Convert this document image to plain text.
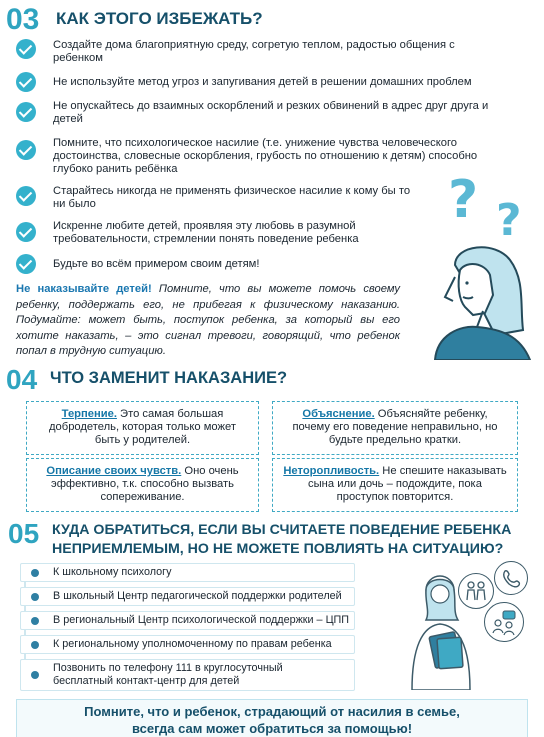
03 КАК ЭТОГО ИЗБЕЖАТЬ?
Создайте дома благоприятную среду, согретую теплом, радостью общения с ребенком
Не используйте метод угроз и запугивания детей в решении домашних проблем
Не опускайтесь до взаимных оскорблений и резких обвинений в адрес друг друга и детей
Помните, что психологическое насилие (т.е. унижение чувства человеческого достоинства, словесные оскорбления, грубость по отношению к детям) способно глубоко ранить ребёнка
Старайтесь никогда не применять физическое насилие к кому бы то ни было
Искренне любите детей, проявляя эту любовь в разумной требовательности, стремлении понять поведение ребенка
Будьте во всём примером своим детям!
Не наказывайте детей! Помните, что вы можете помочь своему ребенку, поддержать его, не прибегая к физическому наказанию. Подумайте: может быть, поступок ребенка, за который вы его хотите наказать, – это сигнал тревоги, говорящий, что ребенок попал в трудную ситуацию.
? ?
04 ЧТО ЗАМЕНИТ НАКАЗАНИЕ?
Терпение. Это самая большая добродетель, которая только может быть у родителей.
Объяснение. Объясняйте ребенку, почему его поведение неправильно, но будьте предельно кратки.
Описание своих чувств. Оно очень эффективно, т.к. способно вызвать сопереживание.
Неторопливость. Не спешите наказывать сына или дочь – подождите, пока проступок повторится.
05 КУДА ОБРАТИТЬСЯ, ЕСЛИ ВЫ СЧИТАЕТЕ ПОВЕДЕНИЕ РЕБЕНКА
НЕПРИЕМЛЕМЫМ, НО НЕ МОЖЕТЕ ПОВЛИЯТЬ НА СИТУАЦИЮ?
К школьному психологу
В школьный Центр педагогической поддержки родителей
В региональный Центр психологической поддержки – ЦПП
К региональному уполномоченному по правам ребенка
Позвонить по телефону 111 в круглосуточный бесплатный контакт-центр для детей
Помните, что и ребенок, страдающий от насилия в семье,
всегда сам может обратиться за помощью!
